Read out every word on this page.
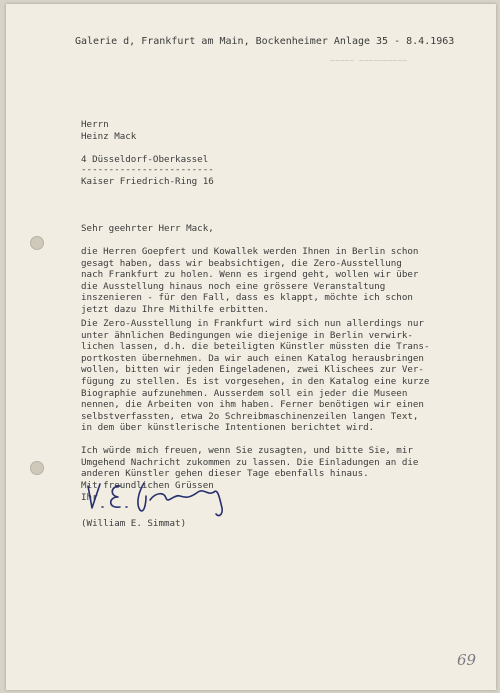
Galerie d, Frankfurt am Main, Bockenheimer Anlage 35 - 8.4.1963
~~~~~ ~~~~~~~~~~
Herrn
Heinz Mack
4 Düsseldorf-Oberkassel
------------------------
Kaiser Friedrich-Ring 16
Sehr geehrter Herr Mack,
die Herren Goepfert und Kowallek werden Ihnen in Berlin schon
gesagt haben, dass wir beabsichtigen, die Zero-Ausstellung
nach Frankfurt zu holen. Wenn es irgend geht, wollen wir über
die Ausstellung hinaus noch eine grössere Veranstaltung
inszenieren - für den Fall, dass es klappt, möchte ich schon
jetzt dazu Ihre Mithilfe erbitten.
Die Zero-Ausstellung in Frankfurt wird sich nun allerdings nur
unter ähnlichen Bedingungen wie diejenige in Berlin verwirk-
lichen lassen, d.h. die beteiligten Künstler müssten die Trans-
portkosten übernehmen. Da wir auch einen Katalog herausbringen
wollen, bitten wir jeden Eingeladenen, zwei Klischees zur Ver-
fügung zu stellen. Es ist vorgesehen, in den Katalog eine kurze
Biographie aufzunehmen. Ausserdem soll ein jeder die Museen
nennen, die Arbeiten von ihm haben. Ferner benötigen wir einen
selbstverfassten, etwa 2o Schreibmaschinenzeilen langen Text,
in dem über künstlerische Intentionen berichtet wird.
Ich würde mich freuen, wenn Sie zusagten, und bitte Sie, mir
Umgehend Nachricht zukommen zu lassen. Die Einladungen an die
anderen Künstler gehen dieser Tage ebenfalls hinaus.
Mit freundlichen Grüssen
Ihr
(William E. Simmat)
69
